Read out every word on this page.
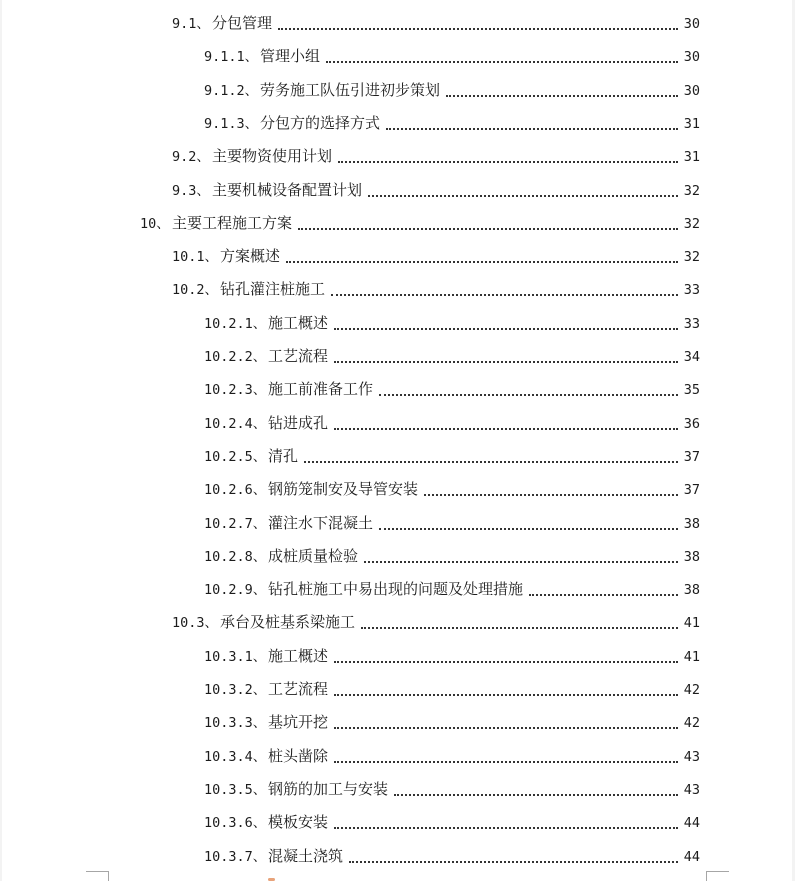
9.1、 分包管理	30
9.1.1、 管理小组	30
9.1.2、 劳务施工队伍引进初步策划	30
9.1.3、 分包方的选择方式	31
9.2、 主要物资使用计划	31
9.3、 主要机械设备配置计划	32
10、 主要工程施工方案	32
10.1、 方案概述	32
10.2、 钻孔灌注桩施工	33
10.2.1、 施工概述	33
10.2.2、 工艺流程	34
10.2.3、 施工前准备工作	35
10.2.4、 钻进成孔	36
10.2.5、 清孔	37
10.2.6、 钢筋笼制安及导管安装	37
10.2.7、 灌注水下混凝土	38
10.2.8、 成桩质量检验	38
10.2.9、 钻孔桩施工中易出现的问题及处理措施	38
10.3、 承台及桩基系梁施工	41
10.3.1、 施工概述	41
10.3.2、 工艺流程	42
10.3.3、 基坑开挖	42
10.3.4、 桩头凿除	43
10.3.5、 钢筋的加工与安装	43
10.3.6、 模板安装	44
10.3.7、 混凝土浇筑	44
